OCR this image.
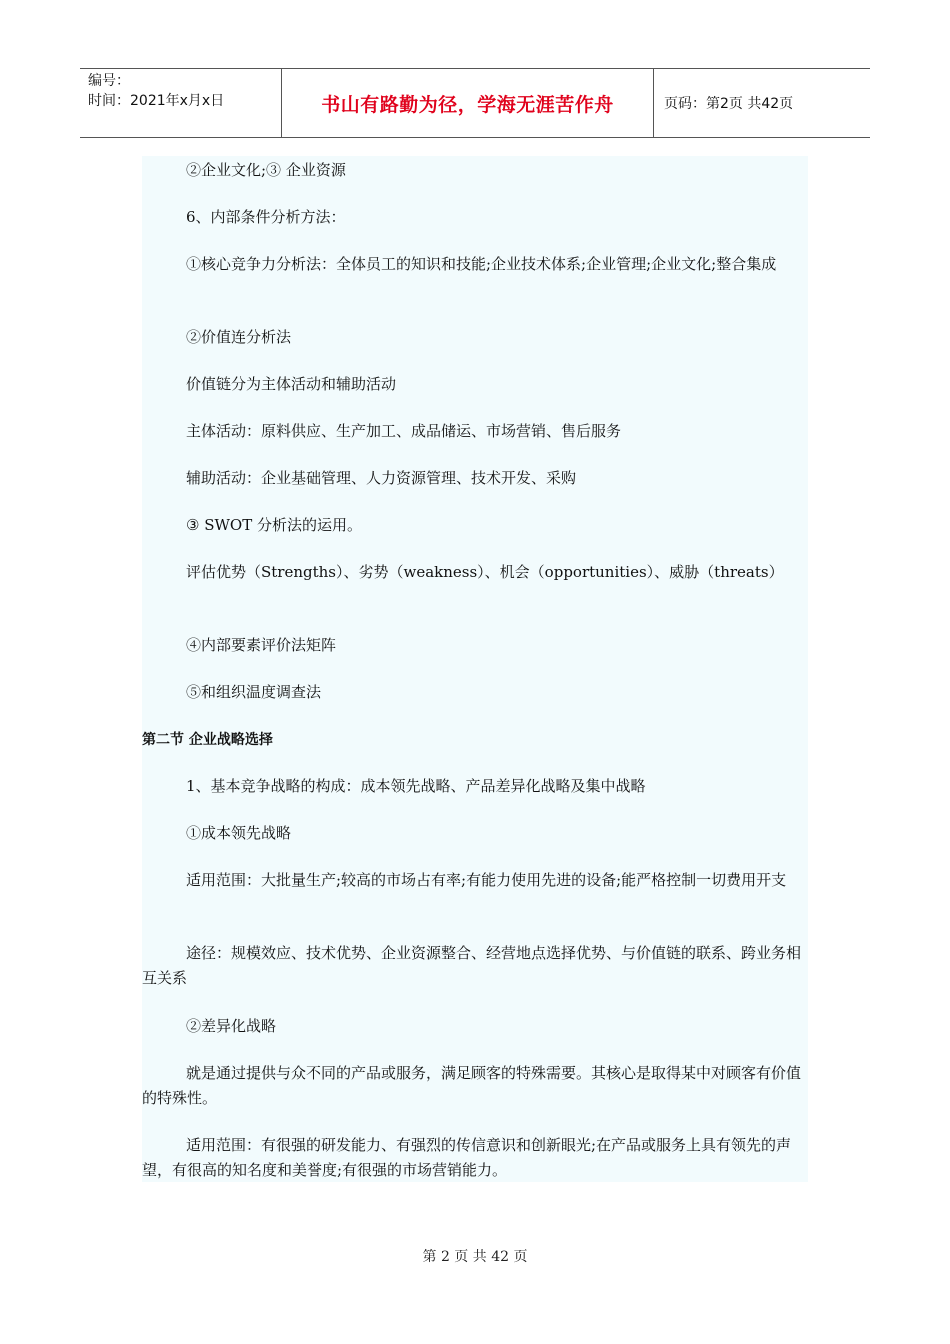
编号：
时间：2021年x月x日	书山有路勤为径，学海无涯苦作舟	页码：第2页 共42页

②企业文化;③ 企业资源

6、内部条件分析方法：

①核心竞争力分析法：全体员工的知识和技能;企业技术体系;企业管理;企业文化;整合集成

②价值连分析法

价值链分为主体活动和辅助活动

主体活动：原料供应、生产加工、成品储运、市场营销、售后服务

辅助活动：企业基础管理、人力资源管理、技术开发、采购

③ SWOT 分析法的运用。

评估优势（Strengths）、劣势（weakness）、机会（opportunities）、威胁（threats）

④内部要素评价法矩阵

⑤和组织温度调查法

第二节 企业战略选择

1、基本竞争战略的构成：成本领先战略、产品差异化战略及集中战略

①成本领先战略

适用范围：大批量生产;较高的市场占有率;有能力使用先进的设备;能严格控制一切费用开支

途径：规模效应、技术优势、企业资源整合、经营地点选择优势、与价值链的联系、跨业务相互关系

②差异化战略

就是通过提供与众不同的产品或服务，满足顾客的特殊需要。其核心是取得某中对顾客有价值的特殊性。

适用范围：有很强的研发能力、有强烈的传信意识和创新眼光;在产品或服务上具有领先的声望，有很高的知名度和美誉度;有很强的市场营销能力。

第 2 页 共 42 页
